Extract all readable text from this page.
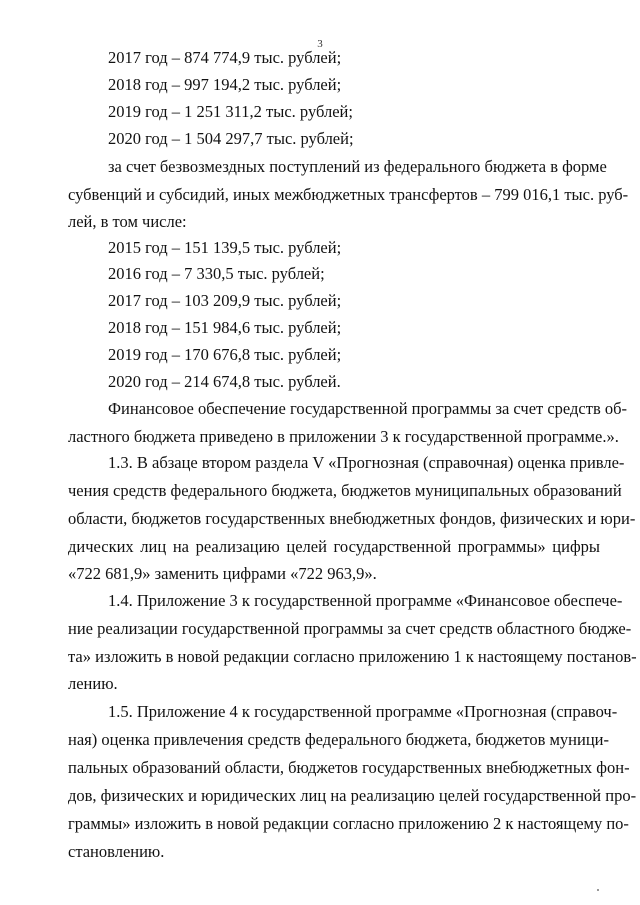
3
2017 год – 874 774,9 тыс. рублей;
2018 год – 997 194,2 тыс. рублей;
2019 год – 1 251 311,2 тыс. рублей;
2020 год – 1 504 297,7 тыс. рублей;
за счет безвозмездных поступлений из федерального бюджета в форме
субвенций и субсидий, иных межбюджетных трансфертов – 799 016,1 тыс. руб-
лей, в том числе:
2015 год – 151 139,5 тыс. рублей;
2016 год – 7 330,5 тыс. рублей;
2017 год – 103 209,9 тыс. рублей;
2018 год – 151 984,6 тыс. рублей;
2019 год – 170 676,8 тыс. рублей;
2020 год – 214 674,8 тыс. рублей.
Финансовое обеспечение государственной программы за счет средств об-
ластного бюджета приведено в приложении 3 к государственной программе.».
1.3. В абзаце втором раздела V «Прогнозная (справочная) оценка привле-
чения средств федерального бюджета, бюджетов муниципальных образований
области, бюджетов государственных внебюджетных фондов, физических и юри-
дических лиц на реализацию целей государственной программы» цифры
«722 681,9» заменить цифрами «722 963,9».
1.4. Приложение 3 к государственной программе «Финансовое обеспече-
ние реализации государственной программы за счет средств областного бюдже-
та» изложить в новой редакции согласно приложению 1 к настоящему постанов-
лению.
1.5. Приложение 4 к государственной программе «Прогнозная (справоч-
ная) оценка привлечения средств федерального бюджета, бюджетов муници-
пальных образований области, бюджетов государственных внебюджетных фон-
дов, физических и юридических лиц на реализацию целей государственной про-
граммы» изложить в новой редакции согласно приложению 2 к настоящему по-
становлению.
